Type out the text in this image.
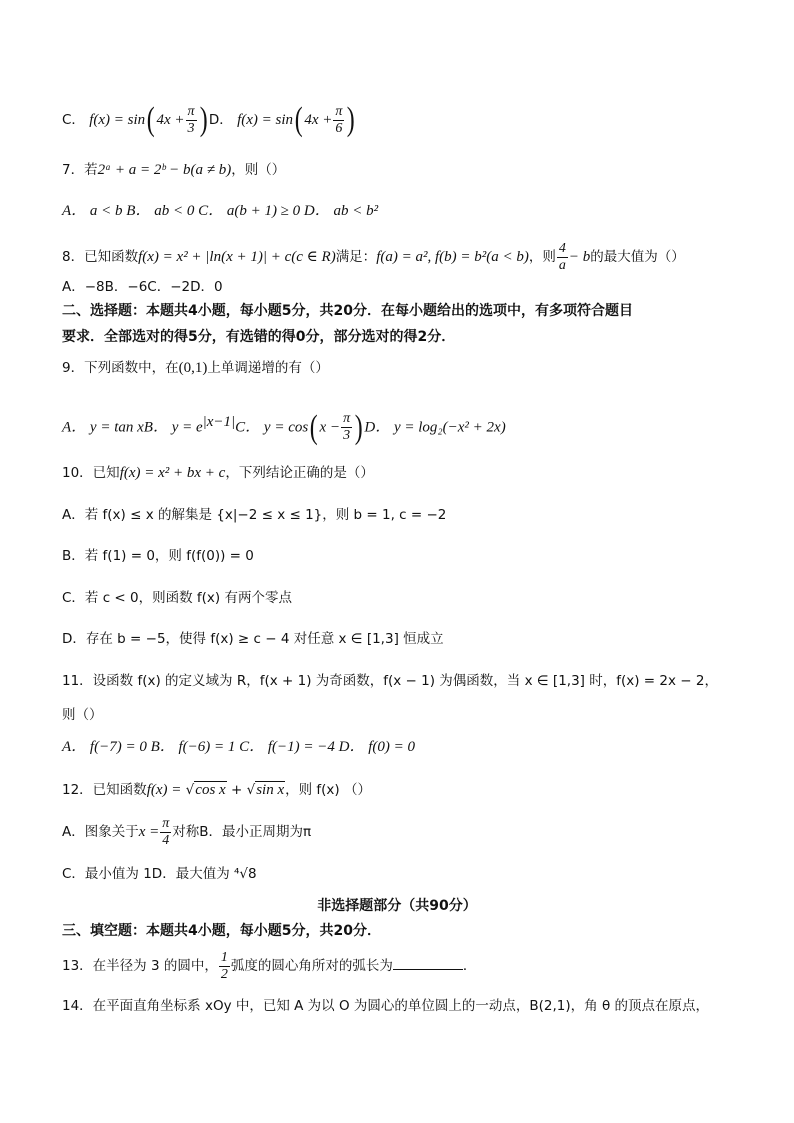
C． f(x) = sin( $4x + \frac{\pi}{3}$ ) D． f(x) = sin( $4x + \frac{\pi}{6}$ )
7．若2ᵃ + a = 2ᵇ − b(a ≠ b)，则（）
A． a < b B． ab < 0 C． a(b + 1) ≥ 0 D． ab < b²
8．已知函数f(x) = x² + |ln(x + 1)| + c(c ∈ R)满足：f(a) = a², f(b) = b²(a < b)，则 $\frac{4}{a} - b$的最大值为（）
A．−8B．−6C．−2D．0
二、选择题：本题共4小题，每小题5分，共20分．在每小题给出的选项中，有多项符合题目
要求．全部选对的得5分，有选错的得0分，部分选对的得2分．
9．下列函数中，在(0,1)上单调递增的有（）
A． y = tan xB． $y = e^{|x-1|}C$． y = cos( $x - \frac{\pi}{3}$ ) D． y = log₂(−x² + 2x)
10．已知f(x) = x² + bx + c，下列结论正确的是（）
A．若 f(x) ≤ x 的解集是 {x|−2 ≤ x ≤ 1}，则 b = 1, c = −2
B．若 f(1) = 0，则 f(f(0)) = 0
C．若 c < 0，则函数 f(x) 有两个零点
D．存在 b = −5，使得 f(x) ≥ c − 4 对任意 x ∈ [1,3] 恒成立
11．设函数 f(x) 的定义域为 R，f(x + 1) 为奇函数，f(x − 1) 为偶函数，当 x ∈ [1,3] 时，f(x) = 2x − 2，
则（）
A． f(−7) = 0 B． f(−6) = 1 C． f(−1) = −4 D． f(0) = 0
12．已知函数f(x) = √cos x + √sin x，则 f(x) （）
A．图象关于$x = \frac{\pi}{4}$ 对称B．最小正周期为π
C．最小值为 1D．最大值为 ⁴√8
非选择题部分（共90分）
三、填空题：本题共4小题，每小题5分，共20分．
13．在半径为 3 的圆中， $\frac{1}{2}$ 弧度的圆心角所对的弧长为	．
14．在平面直角坐标系 xOy 中，已知 A 为以 O 为圆心的单位圆上的一动点，B(2,1)，角 θ 的顶点在原点，
